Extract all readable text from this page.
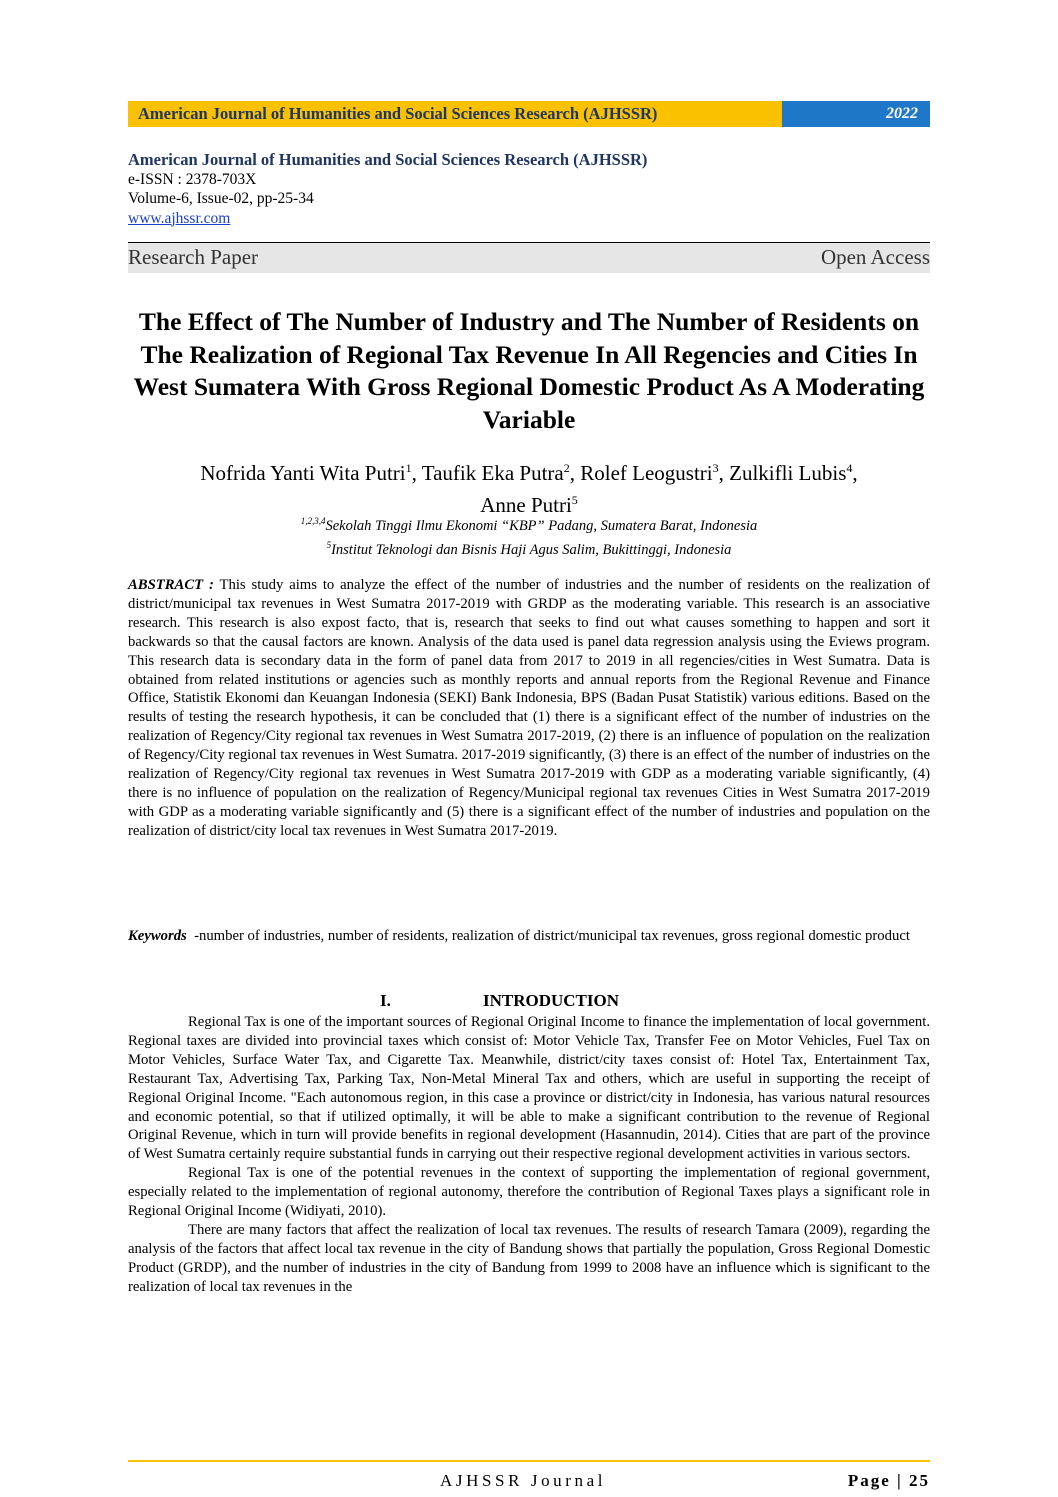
American Journal of Humanities and Social Sciences Research (AJHSSR)	2022
American Journal of Humanities and Social Sciences Research (AJHSSR)
e-ISSN : 2378-703X
Volume-6, Issue-02, pp-25-34
www.ajhssr.com
Research Paper	Open Access
The Effect of The Number of Industry and The Number of Residents on The Realization of Regional Tax Revenue In All Regencies and Cities In West Sumatera With Gross Regional Domestic Product As A Moderating Variable
Nofrida Yanti Wita Putri$^1$, Taufik Eka Putra$^2$, Rolef Leogustri$^3$, Zulkifli Lubis$^4$,
Anne Putri$^5$
$^{1,2,3,4}$Sekolah Tinggi Ilmu Ekonomi “KBP” Padang, Sumatera Barat, Indonesia
$^5$Institut Teknologi dan Bisnis Haji Agus Salim, Bukittinggi, Indonesia
ABSTRACT : This study aims to analyze the effect of the number of industries and the number of residents on the realization of district/municipal tax revenues in West Sumatra 2017-2019 with GRDP as the moderating variable. This research is an associative research. This research is also expost facto, that is, research that seeks to find out what causes something to happen and sort it backwards so that the causal factors are known. Analysis of the data used is panel data regression analysis using the Eviews program. This research data is secondary data in the form of panel data from 2017 to 2019 in all regencies/cities in West Sumatra. Data is obtained from related institutions or agencies such as monthly reports and annual reports from the Regional Revenue and Finance Office, Statistik Ekonomi dan Keuangan Indonesia (SEKI) Bank Indonesia, BPS (Badan Pusat Statistik) various editions. Based on the results of testing the research hypothesis, it can be concluded that (1) there is a significant effect of the number of industries on the realization of Regency/City regional tax revenues in West Sumatra 2017-2019, (2) there is an influence of population on the realization of Regency/City regional tax revenues in West Sumatra. 2017-2019 significantly, (3) there is an effect of the number of industries on the realization of Regency/City regional tax revenues in West Sumatra 2017-2019 with GDP as a moderating variable significantly, (4) there is no influence of population on the realization of Regency/Municipal regional tax revenues Cities in West Sumatra 2017-2019 with GDP as a moderating variable significantly and (5) there is a significant effect of the number of industries and population on the realization of district/city local tax revenues in West Sumatra 2017-2019.
Keywords -number of industries, number of residents, realization of district/municipal tax revenues, gross regional domestic product
I.	INTRODUCTION

Regional Tax is one of the important sources of Regional Original Income to finance the implementation of local government. Regional taxes are divided into provincial taxes which consist of: Motor Vehicle Tax, Transfer Fee on Motor Vehicles, Fuel Tax on Motor Vehicles, Surface Water Tax, and Cigarette Tax. Meanwhile, district/city taxes consist of: Hotel Tax, Entertainment Tax, Restaurant Tax, Advertising Tax, Parking Tax, Non-Metal Mineral Tax and others, which are useful in supporting the receipt of Regional Original Income. "Each autonomous region, in this case a province or district/city in Indonesia, has various natural resources and economic potential, so that if utilized optimally, it will be able to make a significant contribution to the revenue of Regional Original Revenue, which in turn will provide benefits in regional development (Hasannudin, 2014). Cities that are part of the province of West Sumatra certainly require substantial funds in carrying out their respective regional development activities in various sectors.

Regional Tax is one of the potential revenues in the context of supporting the implementation of regional government, especially related to the implementation of regional autonomy, therefore the contribution of Regional Taxes plays a significant role in Regional Original Income (Widiyati, 2010).

There are many factors that affect the realization of local tax revenues. The results of research Tamara (2009), regarding the analysis of the factors that affect local tax revenue in the city of Bandung shows that partially the population, Gross Regional Domestic Product (GRDP), and the number of industries in the city of Bandung from 1999 to 2008 have an influence which is significant to the realization of local tax revenues in the

AJHSSR Journal	Page | 25
